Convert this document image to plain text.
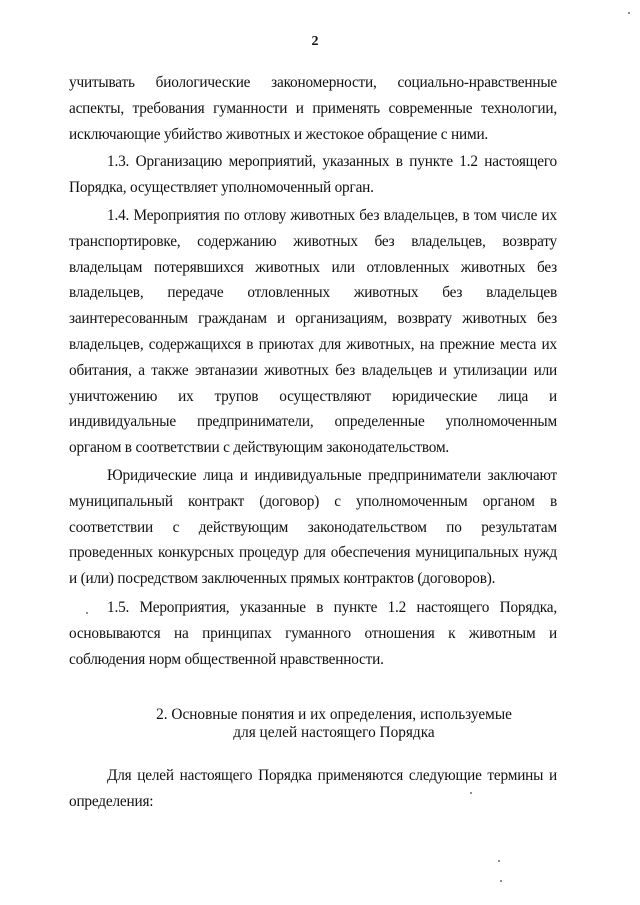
2

учитывать биологические закономерности, социально-нравственные аспекты, требования гуманности и применять современные технологии, исключающие убийство животных и жестокое обращение с ними.

1.3. Организацию мероприятий, указанных в пункте 1.2 настоящего Порядка, осуществляет уполномоченный орган.

1.4. Мероприятия по отлову животных без владельцев, в том числе их транспортировке, содержанию животных без владельцев, возврату владельцам потерявшихся животных или отловленных животных без владельцев, передаче отловленных животных без владельцев заинтересованным гражданам и организациям, возврату животных без владельцев, содержащихся в приютах для животных, на прежние места их обитания, а также эвтаназии животных без владельцев и утилизации или уничтожению их трупов осуществляют юридические лица и индивидуальные предприниматели, определенные уполномоченным органом в соответствии с действующим законодательством.

Юридические лица и индивидуальные предприниматели заключают муниципальный контракт (договор) с уполномоченным органом в соответствии с действующим законодательством по результатам проведенных конкурсных процедур для обеспечения муниципальных нужд и (или) посредством заключенных прямых контрактов (договоров).

1.5. Мероприятия, указанные в пункте 1.2 настоящего Порядка, основываются на принципах гуманного отношения к животным и соблюдения норм общественной нравственности.

2. Основные понятия и их определения, используемые
для целей настоящего Порядка

Для целей настоящего Порядка применяются следующие термины и определения:
